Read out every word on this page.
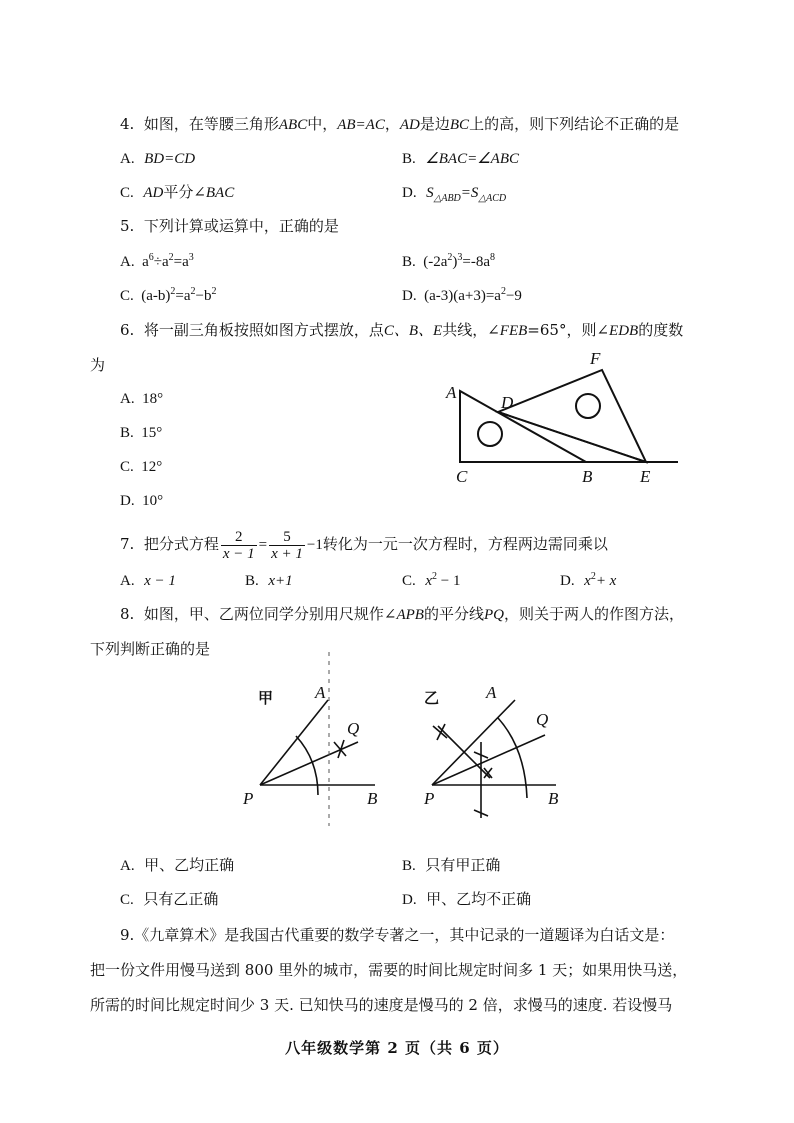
4. 如图，在等腰三角形ABC中，AB=AC，AD是边BC上的高，则下列结论不正确的是
A. BD=CD	B. ∠BAC=∠ABC
C. AD平分∠BAC	D. $S_{\triangle ABD}=S_{\triangle ACD}$
5. 下列计算或运算中，正确的是
A. $a^6\div a^2=a^3$	B. $(-2a^2)^3=-8a^8$
C. $(a-b)^2=a^2-b^2$	D. $(a-3)(a+3)=a^2-9$
6. 将一副三角板按照如图方式摆放，点C、B、E共线，∠FEB=65°，则∠EDB的度数
为
A. 18°
B. 15°
C. 12°
D. 10°
A
D
F
C	B	E
7. 把分式方程 $\frac{2}{x - 1} = \frac{5}{x + 1} -1$转化为一元一次方程时，方程两边需同乘以
A. x − 1	B. x+1	C. $x^2 - 1$	D. $x^2+ x$
8. 如图，甲、乙两位同学分别用尺规作∠APB的平分线PQ，则关于两人的作图方法，
下列判断正确的是
甲 A
Q
P	B
乙	A
Q
P	B
A. 甲、乙均正确	B. 只有甲正确
C. 只有乙正确	D. 甲、乙均不正确
9.《九章算术》是我国古代重要的数学专著之一，其中记录的一道题译为白话文是：
把一份文件用慢马送到 800 里外的城市，需要的时间比规定时间多 1 天；如果用快马送，
所需的时间比规定时间少 3 天. 已知快马的速度是慢马的 2 倍，求慢马的速度. 若设慢马
八年级数学第 2 页（共 6 页）
